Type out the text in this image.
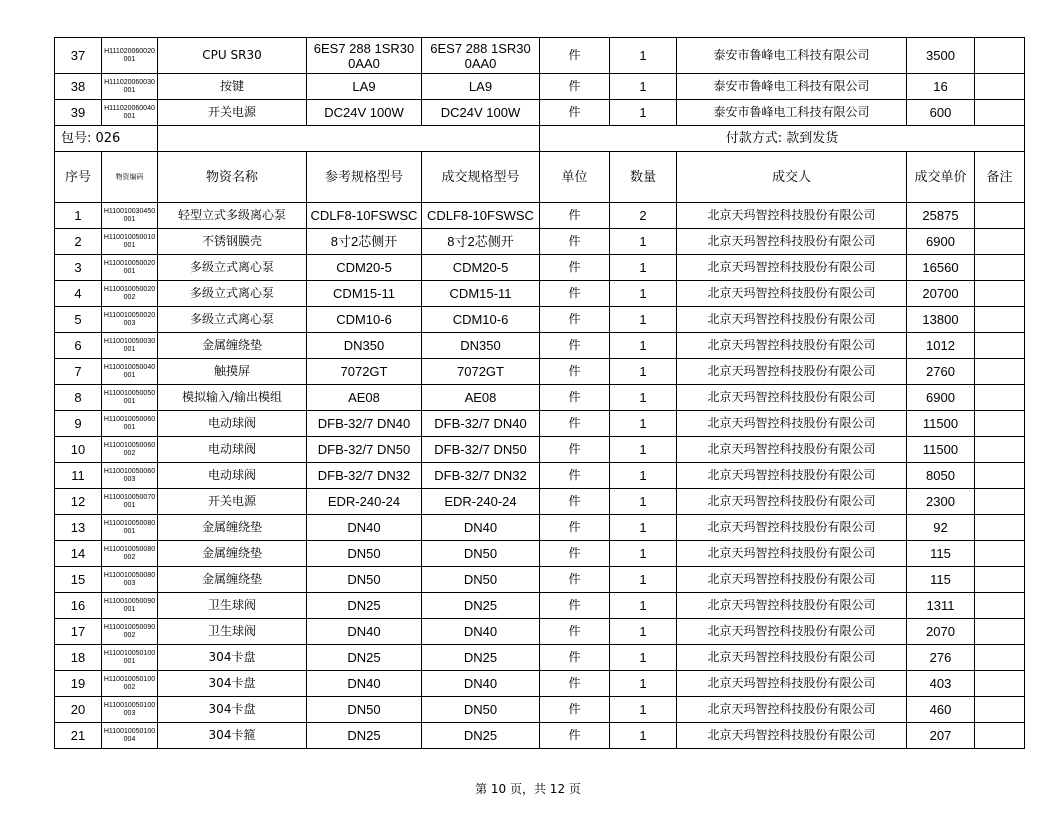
37	H111020060020001	CPU SR30	6ES7 288 1SR30 0AA0	6ES7 288 1SR30 0AA0	件	1	泰安市鲁峰电工科技有限公司	3500	
38	H111020060030001	按键	LA9	LA9	件	1	泰安市鲁峰电工科技有限公司	16	
39	H111020060040001	开关电源	DC24V 100W	DC24V 100W	件	1	泰安市鲁峰电工科技有限公司	600	
包号: 026					付款方式: 款到发货				
序号	物资编码	物资名称	参考规格型号	成交规格型号	单位	数量	成交人	成交单价	备注
1	H110010030450001	轻型立式多级离心泵	CDLF8-10FSWSC	CDLF8-10FSWSC	件	2	北京天玛智控科技股份有限公司	25875	
2	H110010050010001	不锈钢膜壳	8寸2芯侧开	8寸2芯侧开	件	1	北京天玛智控科技股份有限公司	6900	
3	H110010050020001	多级立式离心泵	CDM20-5	CDM20-5	件	1	北京天玛智控科技股份有限公司	16560	
4	H110010050020002	多级立式离心泵	CDM15-11	CDM15-11	件	1	北京天玛智控科技股份有限公司	20700	
5	H110010050020003	多级立式离心泵	CDM10-6	CDM10-6	件	1	北京天玛智控科技股份有限公司	13800	
6	H110010050030001	金属缠绕垫	DN350	DN350	件	1	北京天玛智控科技股份有限公司	1012	
7	H110010050040001	触摸屏	7072GT	7072GT	件	1	北京天玛智控科技股份有限公司	2760	
8	H110010050050001	模拟输入/输出模组	AE08	AE08	件	1	北京天玛智控科技股份有限公司	6900	
9	H110010050060001	电动球阀	DFB-32/7 DN40	DFB-32/7 DN40	件	1	北京天玛智控科技股份有限公司	11500	
10	H110010050060002	电动球阀	DFB-32/7 DN50	DFB-32/7 DN50	件	1	北京天玛智控科技股份有限公司	11500	
11	H110010050060003	电动球阀	DFB-32/7 DN32	DFB-32/7 DN32	件	1	北京天玛智控科技股份有限公司	8050	
12	H110010050070001	开关电源	EDR-240-24	EDR-240-24	件	1	北京天玛智控科技股份有限公司	2300	
13	H110010050080001	金属缠绕垫	DN40	DN40	件	1	北京天玛智控科技股份有限公司	92	
14	H110010050080002	金属缠绕垫	DN50	DN50	件	1	北京天玛智控科技股份有限公司	115	
15	H110010050080003	金属缠绕垫	DN50	DN50	件	1	北京天玛智控科技股份有限公司	115	
16	H110010050090001	卫生球阀	DN25	DN25	件	1	北京天玛智控科技股份有限公司	1311	
17	H110010050090002	卫生球阀	DN40	DN40	件	1	北京天玛智控科技股份有限公司	2070	
18	H110010050100001	304卡盘	DN25	DN25	件	1	北京天玛智控科技股份有限公司	276	
19	H110010050100002	304卡盘	DN40	DN40	件	1	北京天玛智控科技股份有限公司	403	
20	H110010050100003	304卡盘	DN50	DN50	件	1	北京天玛智控科技股份有限公司	460	
21	H110010050100004	304卡箍	DN25	DN25	件	1	北京天玛智控科技股份有限公司	207	
第 10 页，共 12 页
